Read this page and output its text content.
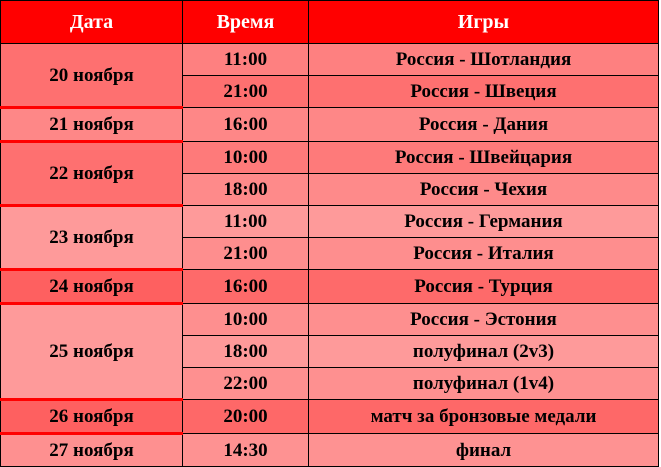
Дата	Время	Игры
20 ноября	11:00	Россия - Шотландия
	21:00	Россия - Швеция
21 ноября	16:00	Россия - Дания
22 ноября	10:00	Россия - Швейцария
	18:00	Россия - Чехия
23 ноября	11:00	Россия - Германия
	21:00	Россия - Италия
24 ноября	16:00	Россия - Турция
25 ноября	10:00	Россия - Эстония
	18:00	полуфинал (2v3)
	22:00	полуфинал (1v4)
26 ноября	20:00	матч за бронзовые медали
27 ноября	14:30	финал
